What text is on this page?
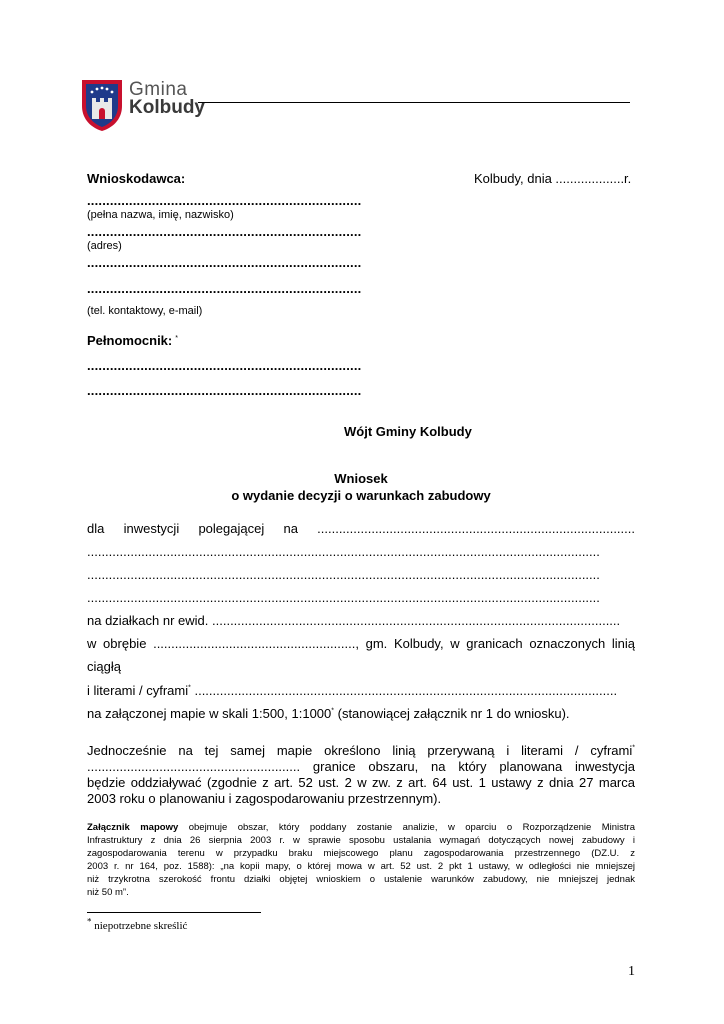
Gmina
Kolbudy
Wnioskodawca:	Kolbudy, dnia ...................r.
........................................................................
(pełna nazwa, imię, nazwisko)
........................................................................
(adres)
........................................................................
........................................................................
(tel. kontaktowy, e-mail)
Pełnomocnik: *
........................................................................
........................................................................
Wójt Gminy Kolbudy
Wniosek
o wydanie decyzji o warunkach zabudowy
dla inwestycji polegającej na ........................................................................................
..............................................................................................................................................
..............................................................................................................................................
..............................................................................................................................................
na działkach nr ewid. .................................................................................................................
w obrębie ........................................................, gm. Kolbudy, w granicach oznaczonych linią
ciągłą
i literami / cyframi* .....................................................................................................................
na załączonej mapie w skali 1:500, 1:1000* (stanowiącej załącznik nr 1 do wniosku).
Jednocześnie na tej samej mapie określono linią przerywaną i literami / cyframi*
........................................................... granice obszaru, na który planowana inwestycja
będzie oddziaływać (zgodnie z art. 52 ust. 2 w zw. z art. 64 ust. 1 ustawy z dnia 27 marca
2003 roku o planowaniu i zagospodarowaniu przestrzennym).
Załącznik mapowy obejmuje obszar, który poddany zostanie analizie, w oparciu o Rozporządzenie Ministra
Infrastruktury z dnia 26 sierpnia 2003 r. w sprawie sposobu ustalania wymagań dotyczących nowej zabudowy i
zagospodarowania terenu w przypadku braku miejscowego planu zagospodarowania przestrzennego (DZ.U. z
2003 r. nr 164, poz. 1588): „na kopii mapy, o której mowa w art. 52 ust. 2 pkt 1 ustawy, w odległości nie mniejszej
niż trzykrotna szerokość frontu działki objętej wnioskiem o ustalenie warunków zabudowy, nie mniejszej jednak
niż 50 m”.
* niepotrzebne skreślić
1
